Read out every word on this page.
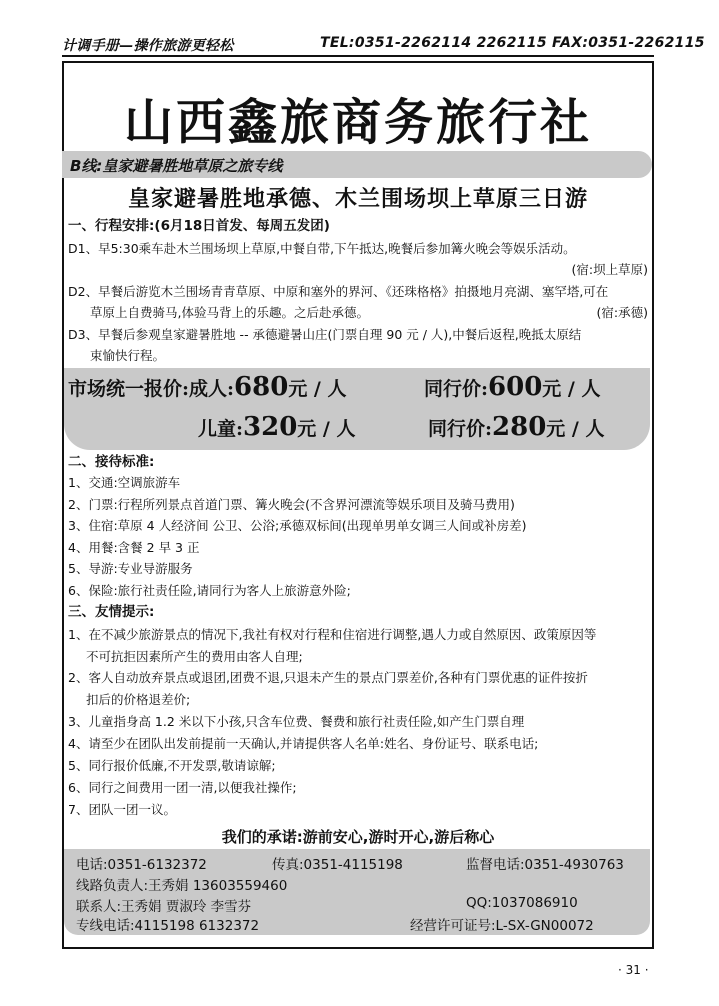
计调手册—操作旅游更轻松	TEL:0351-2262114 2262115 FAX:0351-2262115
山西鑫旅商务旅行社
B线:皇家避暑胜地草原之旅专线
皇家避暑胜地承德、木兰围场坝上草原三日游
一、行程安排:(6月18日首发、每周五发团)
D1、早5:30乘车赴木兰围场坝上草原,中餐自带,下午抵达,晚餐后参加篝火晚会等娱乐活动。
(宿:坝上草原)
D2、早餐后游览木兰围场青青草原、中原和塞外的界河、《还珠格格》拍摄地月亮湖、塞罕塔,可在
草原上自费骑马,体验马背上的乐趣。之后赴承德。	(宿:承德)
D3、早餐后参观皇家避暑胜地 -- 承德避暑山庄(门票自理 90 元 / 人),中餐后返程,晚抵太原结
束愉快行程。
市场统一报价:成人:680元 / 人	同行价:600元 / 人
儿童:320元 / 人	同行价:280元 / 人
二、接待标准:
1、交通:空调旅游车
2、门票:行程所列景点首道门票、篝火晚会(不含界河漂流等娱乐项目及骑马费用)
3、住宿:草原 4 人经济间 公卫、公浴;承德双标间(出现单男单女调三人间或补房差)
4、用餐:含餐 2 早 3 正
5、导游:专业导游服务
6、保险:旅行社责任险,请同行为客人上旅游意外险;
三、友情提示:
1、在不减少旅游景点的情况下,我社有权对行程和住宿进行调整,遇人力或自然原因、政策原因等
不可抗拒因素所产生的费用由客人自理;
2、客人自动放弃景点或退团,团费不退,只退未产生的景点门票差价,各种有门票优惠的证件按折
扣后的价格退差价;
3、儿童指身高 1.2 米以下小孩,只含车位费、餐费和旅行社责任险,如产生门票自理
4、请至少在团队出发前提前一天确认,并请提供客人名单:姓名、身份证号、联系电话;
5、同行报价低廉,不开发票,敬请谅解;
6、同行之间费用一团一清,以便我社操作;
7、团队一团一议。
我们的承诺:游前安心,游时开心,游后称心
电话:0351-6132372	传真:0351-4115198	监督电话:0351-4930763
线路负责人:王秀娟 13603559460
联系人:王秀娟 贾淑玲 李雪芬	QQ:1037086910
专线电话:4115198 6132372	经营许可证号:L-SX-GN00072
· 31 ·
